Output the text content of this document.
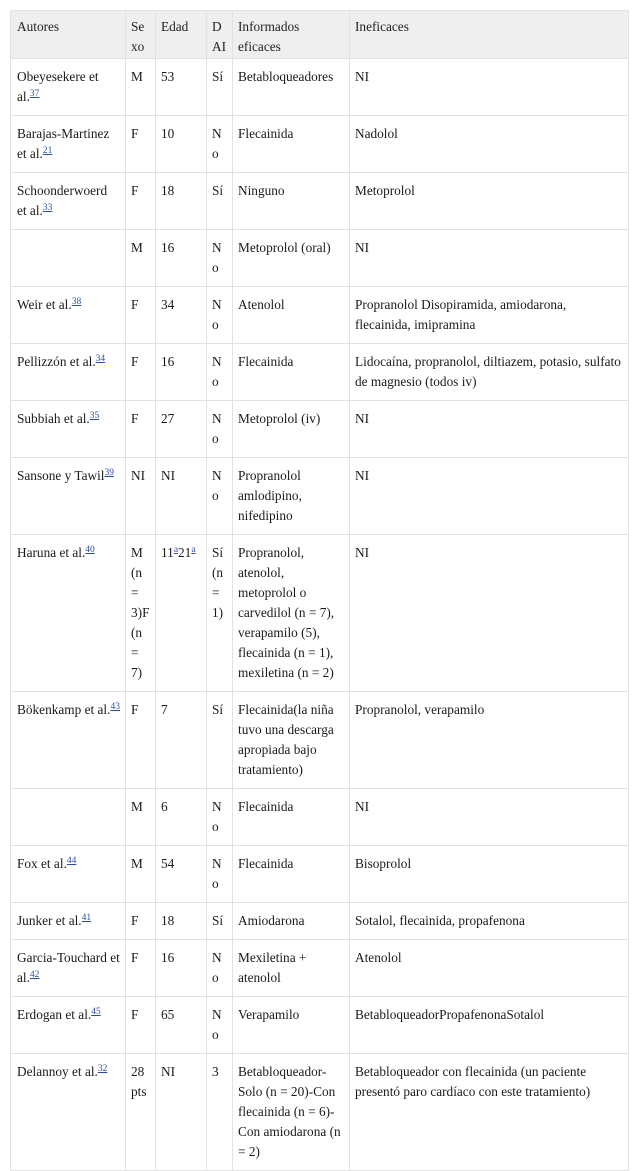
Autores	Sexo	Edad	DAI	Informados eficaces	Ineficaces
Obeyesekere et al.$^{37}$	M	53	Sí	Betabloqueadores	NI
Barajas-Martinez et al.$^{21}$	F	10	No	Flecainida	Nadolol
Schoonderwoerd et al.$^{33}$	F	18	Sí	Ninguno	Metoprolol
	M	16	No	Metoprolol (oral)	NI
Weir et al.$^{38}$	F	34	No	Atenolol	Propranolol Disopiramida, amiodarona, flecainida, imipramina
Pellizzón et al.$^{34}$	F	16	No	Flecainida	Lidocaína, propranolol, diltiazem, potasio, sulfato de magnesio (todos iv)
Subbiah et al.$^{35}$	F	27	No	Metoprolol (iv)	NI
Sansone y Tawil$^{39}$	NI	NI	No	Propranolol amlodipino, nifedipino	NI
Haruna et al.$^{40}$	M (n = 3)F (n = 7)	11$^a$21$^a$	Sí (n = 1)	Propranolol, atenolol, metoprolol o carvedilol (n = 7), verapamilo (5), flecainida (n = 1), mexiletina (n = 2)	NI
Bökenkamp et al.$^{43}$	F	7	Sí	Flecainida(la niña tuvo una descarga apropiada bajo tratamiento)	Propranolol, verapamilo
	M	6	No	Flecainida	NI
Fox et al.$^{44}$	M	54	No	Flecainida	Bisoprolol
Junker et al.$^{41}$	F	18	Sí	Amiodarona	Sotalol, flecainida, propafenona
Garcia-Touchard et al.$^{42}$	F	16	No	Mexiletina + atenolol	Atenolol
Erdogan et al.$^{45}$	F	65	No	Verapamilo	BetabloqueadorPropafenonaSotalol
Delannoy et al.$^{32}$	28 pts	NI	3	Betabloqueador-Solo (n = 20)-Con flecainida (n = 6)- Con amiodarona (n = 2)	Betabloqueador con flecainida (un paciente presentó paro cardíaco con este tratamiento)
